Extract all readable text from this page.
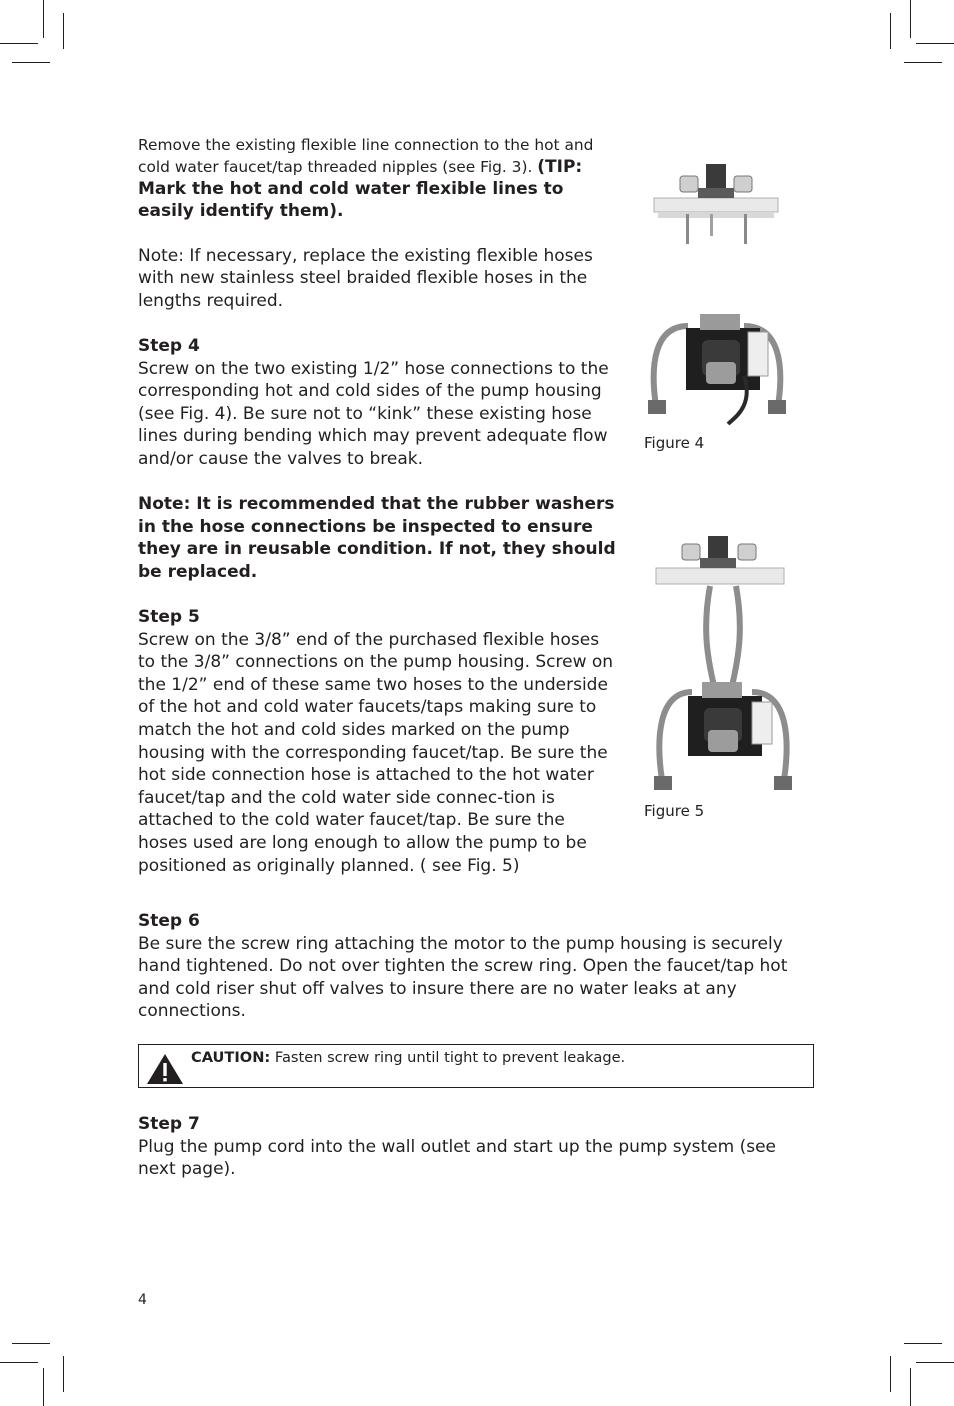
Remove the existing flexible line connection to the hot and cold water faucet/tap threaded nipples (see Fig. 3). (TIP: Mark the hot and cold water flexible lines to easily identify them).

Note: If necessary, replace the existing flexible hoses with new stainless steel braided flexible hoses in the lengths required.

Step 4
Screw on the two existing 1/2” hose connections to the corresponding hot and cold sides of the pump housing (see Fig. 4). Be sure not to “kink” these existing hose lines during bending which may prevent adequate flow and/or cause the valves to break.

Note: It is recommended that the rubber washers in the hose connections be inspected to ensure they are in reusable condition. If not, they should be replaced.

Step 5
Screw on the 3/8” end of the purchased flexible hoses to the 3/8” connections on the pump housing. Screw on the 1/2” end of these same two hoses to the underside of the hot and cold water faucets/taps making sure to match the hot and cold sides marked on the pump housing with the corresponding faucet/tap. Be sure the hot side connection hose is attached to the hot water faucet/tap and the cold water side connec-tion is attached to the cold water faucet/tap. Be sure the hoses used are long enough to allow the pump to be positioned as originally planned. ( see Fig. 5)

Step 6
Be sure the screw ring attaching the motor to the pump housing is securely hand tightened. Do not over tighten the screw ring. Open the faucet/tap hot and cold riser shut off valves to insure there are no water leaks at any connections.

CAUTION: Fasten screw ring until tight to prevent leakage.

Step 7
Plug the pump cord into the wall outlet and start up the pump system (see next page).

Figure 4
Figure 5
4
